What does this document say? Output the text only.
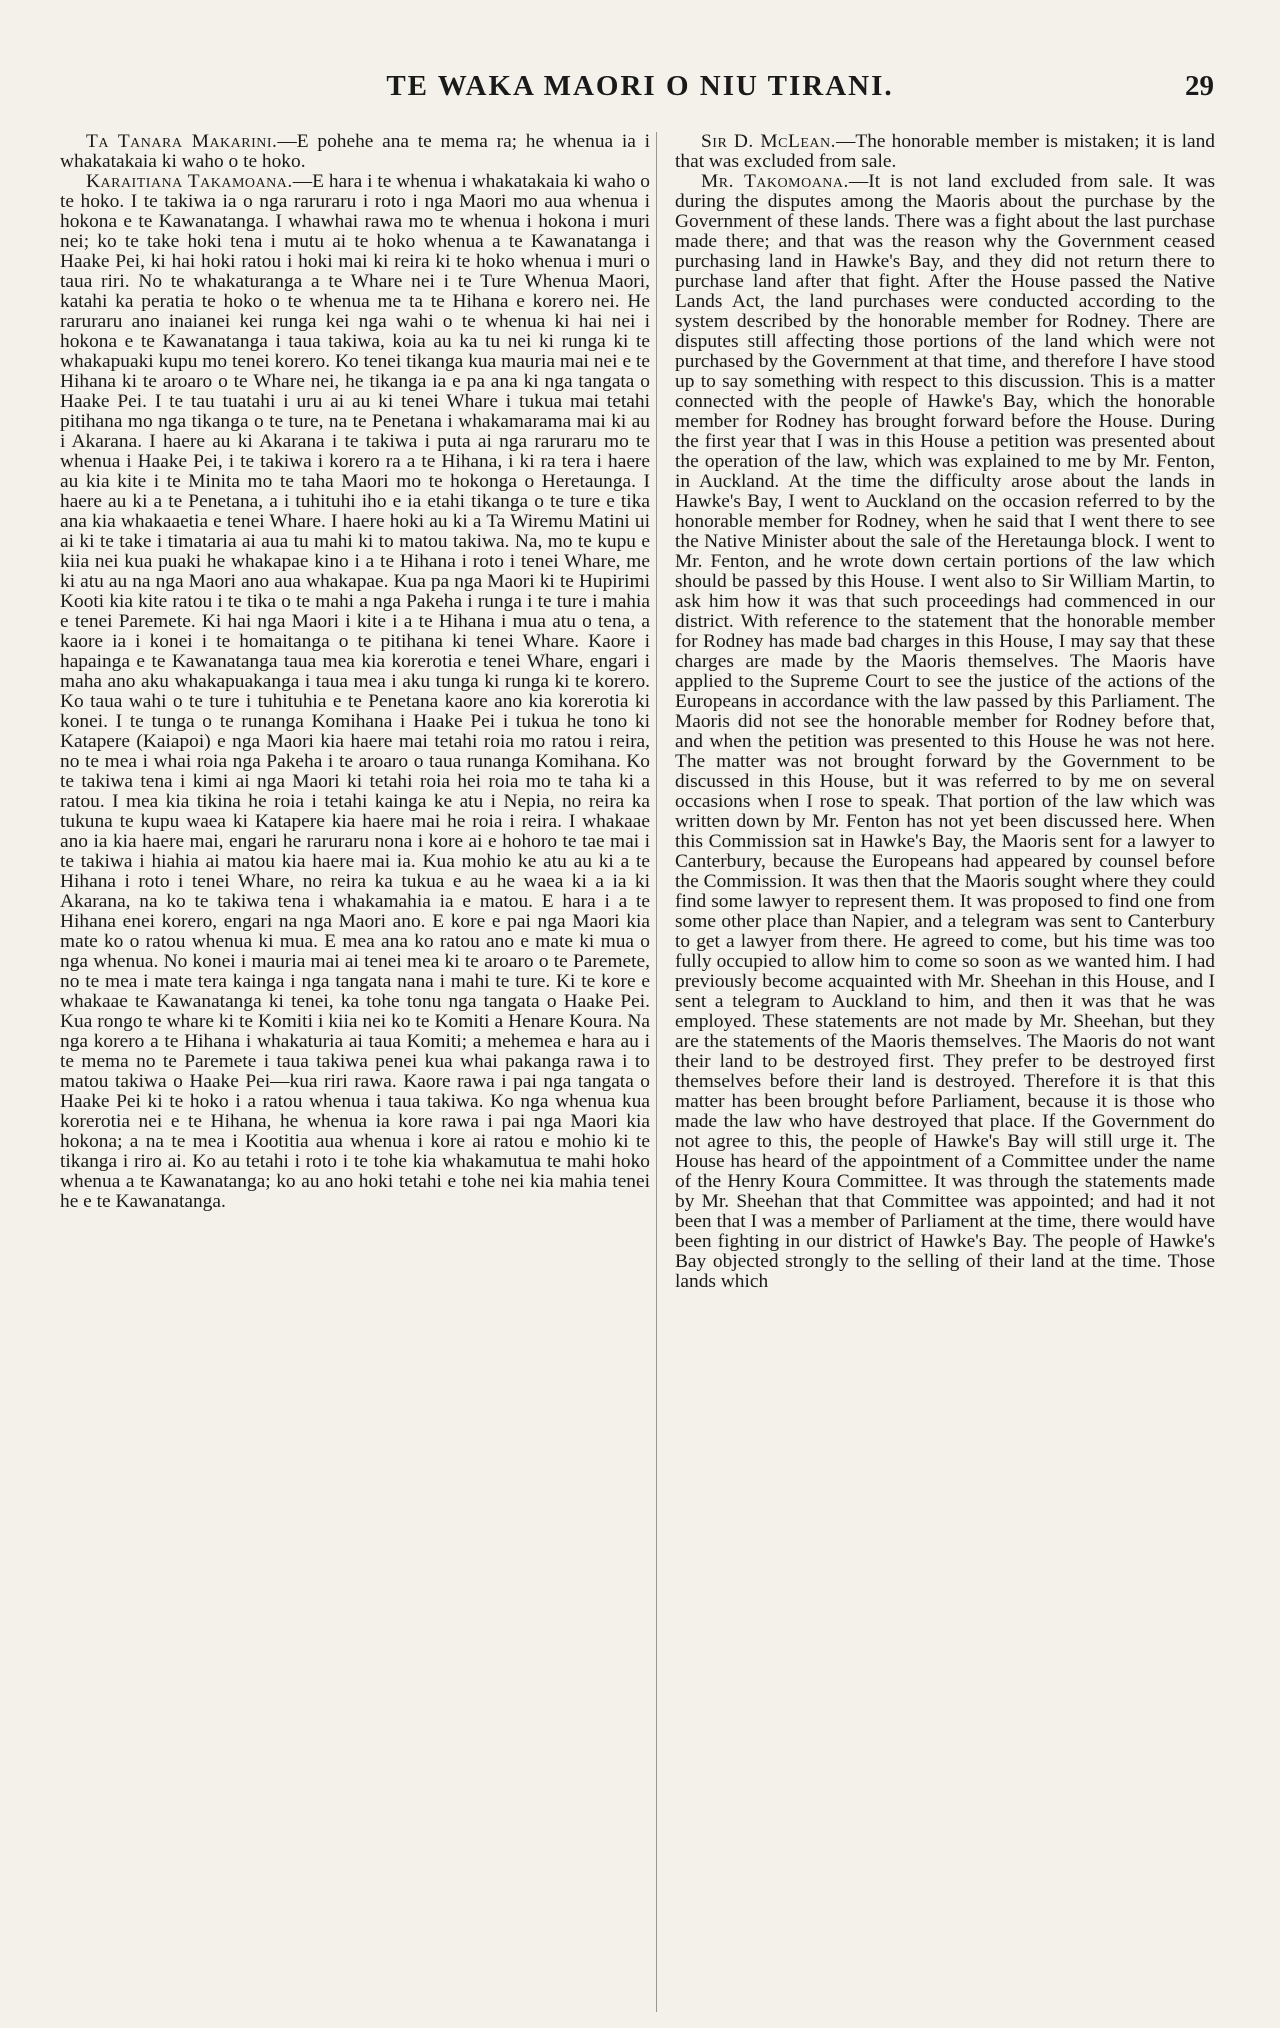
TE WAKA MAORI O NIU TIRANI.	29

Ta Tanara Makarini.—E pohehe ana te mema ra; he whenua ia i whakatakaia ki waho o te hoko.

Karaitiana Takamoana.—E hara i te whenua i whakatakaia ki waho o te hoko. I te takiwa ia o nga raruraru i roto i nga Maori mo aua whenua i hokona e te Kawanatanga. I whawhai rawa mo te whenua i hokona i muri nei; ko te take hoki tena i mutu ai te hoko whenua a te Kawanatanga i Haake Pei, ki hai hoki ratou i hoki mai ki reira ki te hoko whenua i muri o taua riri. No te whakaturanga a te Whare nei i te Ture Whenua Maori, katahi ka peratia te hoko o te whenua me ta te Hihana e korero nei. He raruraru ano inaianei kei runga kei nga wahi o te whenua ki hai nei i hokona e te Kawanatanga i taua takiwa, koia au ka tu nei ki runga ki te whakapuaki kupu mo tenei korero. Ko tenei tikanga kua mauria mai nei e te Hihana ki te aroaro o te Whare nei, he tikanga ia e pa ana ki nga tangata o Haake Pei. I te tau tuatahi i uru ai au ki tenei Whare i tukua mai tetahi pitihana mo nga tikanga o te ture, na te Penetana i whakamarama mai ki au i Akarana. I haere au ki Akarana i te takiwa i puta ai nga raruraru mo te whenua i Haake Pei, i te takiwa i korero ra a te Hihana, i ki ra tera i haere au kia kite i te Minita mo te taha Maori mo te hokonga o Heretaunga. I haere au ki a te Penetana, a i tuhituhi iho e ia etahi tikanga o te ture e tika ana kia whakaaetia e tenei Whare. I haere hoki au ki a Ta Wiremu Matini ui ai ki te take i timataria ai aua tu mahi ki to matou takiwa. Na, mo te kupu e kiia nei kua puaki he whakapae kino i a te Hihana i roto i tenei Whare, me ki atu au na nga Maori ano aua whakapae. Kua pa nga Maori ki te Hupirimi Kooti kia kite ratou i te tika o te mahi a nga Pakeha i runga i te ture i mahia e tenei Paremete. Ki hai nga Maori i kite i a te Hihana i mua atu o tena, a kaore ia i konei i te homaitanga o te pitihana ki tenei Whare. Kaore i hapainga e te Kawanatanga taua mea kia korerotia e tenei Whare, engari i maha ano aku whakapuakanga i taua mea i aku tunga ki runga ki te korero. Ko taua wahi o te ture i tuhituhia e te Penetana kaore ano kia korerotia ki konei. I te tunga o te runanga Komihana i Haake Pei i tukua he tono ki Katapere (Kaiapoi) e nga Maori kia haere mai tetahi roia mo ratou i reira, no te mea i whai roia nga Pakeha i te aroaro o taua runanga Komihana. Ko te takiwa tena i kimi ai nga Maori ki tetahi roia hei roia mo te taha ki a ratou. I mea kia tikina he roia i tetahi kainga ke atu i Nepia, no reira ka tukuna te kupu waea ki Katapere kia haere mai he roia i reira. I whakaae ano ia kia haere mai, engari he raruraru nona i kore ai e hohoro te tae mai i te takiwa i hiahia ai matou kia haere mai ia. Kua mohio ke atu au ki a te Hihana i roto i tenei Whare, no reira ka tukua e au he waea ki a ia ki Akarana, na ko te takiwa tena i whakamahia ia e matou. E hara i a te Hihana enei korero, engari na nga Maori ano. E kore e pai nga Maori kia mate ko o ratou whenua ki mua. E mea ana ko ratou ano e mate ki mua o nga whenua. No konei i mauria mai ai tenei mea ki te aroaro o te Paremete, no te mea i mate tera kainga i nga tangata nana i mahi te ture. Ki te kore e whakaae te Kawanatanga ki tenei, ka tohe tonu nga tangata o Haake Pei. Kua rongo te whare ki te Komiti i kiia nei ko te Komiti a Henare Koura. Na nga korero a te Hihana i whakaturia ai taua Komiti; a mehemea e hara au i te mema no te Paremete i taua takiwa penei kua whai pakanga rawa i to matou takiwa o Haake Pei—kua riri rawa. Kaore rawa i pai nga tangata o Haake Pei ki te hoko i a ratou whenua i taua takiwa. Ko nga whenua kua korerotia nei e te Hihana, he whenua ia kore rawa i pai nga Maori kia hokona; a na te mea i Kootitia aua whenua i kore ai ratou e mohio ki te tikanga i riro ai. Ko au tetahi i roto i te tohe kia whakamutua te mahi hoko whenua a te Kawanatanga; ko au ano hoki tetahi e tohe nei kia mahia tenei he e te Kawanatanga.

Sir D. McLean.—The honorable member is mistaken; it is land that was excluded from sale.

Mr. Takomoana.—It is not land excluded from sale. It was during the disputes among the Maoris about the purchase by the Government of these lands. There was a fight about the last purchase made there; and that was the reason why the Government ceased purchasing land in Hawke's Bay, and they did not return there to purchase land after that fight. After the House passed the Native Lands Act, the land purchases were conducted according to the system described by the honorable member for Rodney. There are disputes still affecting those portions of the land which were not purchased by the Government at that time, and therefore I have stood up to say something with respect to this discussion. This is a matter connected with the people of Hawke's Bay, which the honorable member for Rodney has brought forward before the House. During the first year that I was in this House a petition was presented about the operation of the law, which was explained to me by Mr. Fenton, in Auckland. At the time the difficulty arose about the lands in Hawke's Bay, I went to Auckland on the occasion referred to by the honorable member for Rodney, when he said that I went there to see the Native Minister about the sale of the Heretaunga block. I went to Mr. Fenton, and he wrote down certain portions of the law which should be passed by this House. I went also to Sir William Martin, to ask him how it was that such proceedings had commenced in our district. With reference to the statement that the honorable member for Rodney has made bad charges in this House, I may say that these charges are made by the Maoris themselves. The Maoris have applied to the Supreme Court to see the justice of the actions of the Europeans in accordance with the law passed by this Parliament. The Maoris did not see the honorable member for Rodney before that, and when the petition was presented to this House he was not here. The matter was not brought forward by the Government to be discussed in this House, but it was referred to by me on several occasions when I rose to speak. That portion of the law which was written down by Mr. Fenton has not yet been discussed here. When this Commission sat in Hawke's Bay, the Maoris sent for a lawyer to Canterbury, because the Europeans had appeared by counsel before the Commission. It was then that the Maoris sought where they could find some lawyer to represent them. It was proposed to find one from some other place than Napier, and a telegram was sent to Canterbury to get a lawyer from there. He agreed to come, but his time was too fully occupied to allow him to come so soon as we wanted him. I had previously become acquainted with Mr. Sheehan in this House, and I sent a telegram to Auckland to him, and then it was that he was employed. These statements are not made by Mr. Sheehan, but they are the statements of the Maoris themselves. The Maoris do not want their land to be destroyed first. They prefer to be destroyed first themselves before their land is destroyed. Therefore it is that this matter has been brought before Parliament, because it is those who made the law who have destroyed that place. If the Government do not agree to this, the people of Hawke's Bay will still urge it. The House has heard of the appointment of a Committee under the name of the Henry Koura Committee. It was through the statements made by Mr. Sheehan that that Committee was appointed; and had it not been that I was a member of Parliament at the time, there would have been fighting in our district of Hawke's Bay. The people of Hawke's Bay objected strongly to the selling of their land at the time. Those lands which
